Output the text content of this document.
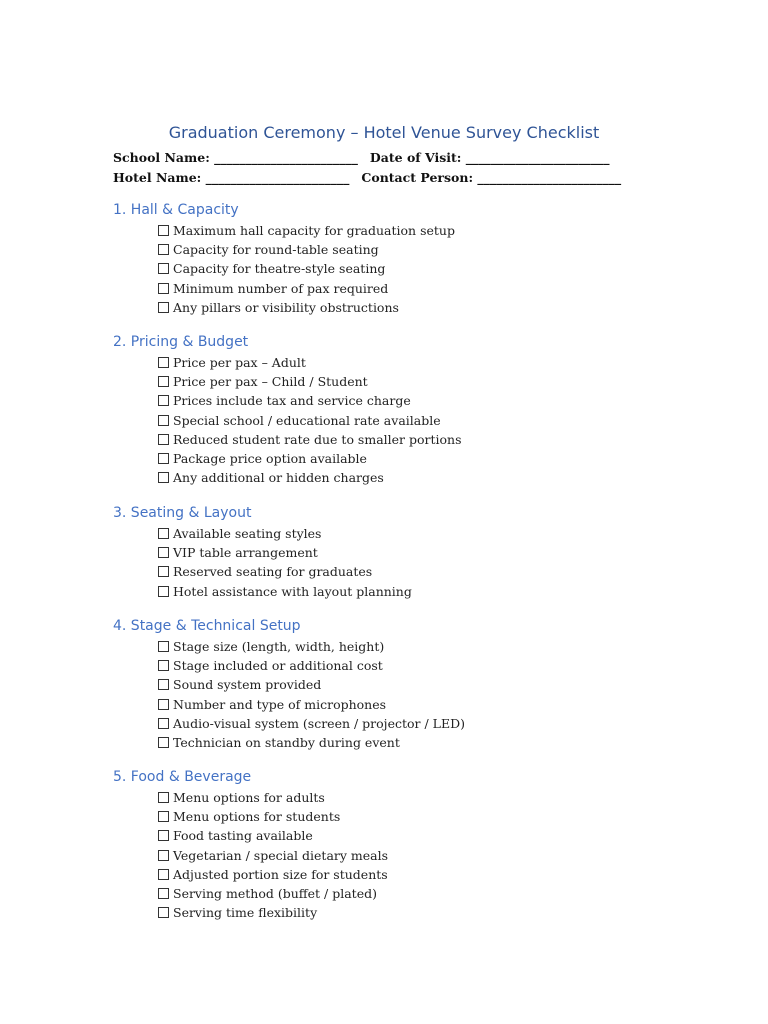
Graduation Ceremony – Hotel Venue Survey Checklist
School Name: _______________________ Date of Visit: _______________________
Hotel Name: _______________________ Contact Person: _______________________
1. Hall & Capacity
Maximum hall capacity for graduation setup
Capacity for round-table seating
Capacity for theatre-style seating
Minimum number of pax required
Any pillars or visibility obstructions
2. Pricing & Budget
Price per pax – Adult
Price per pax – Child / Student
Prices include tax and service charge
Special school / educational rate available
Reduced student rate due to smaller portions
Package price option available
Any additional or hidden charges
3. Seating & Layout
Available seating styles
VIP table arrangement
Reserved seating for graduates
Hotel assistance with layout planning
4. Stage & Technical Setup
Stage size (length, width, height)
Stage included or additional cost
Sound system provided
Number and type of microphones
Audio-visual system (screen / projector / LED)
Technician on standby during event
5. Food & Beverage
Menu options for adults
Menu options for students
Food tasting available
Vegetarian / special dietary meals
Adjusted portion size for students
Serving method (buffet / plated)
Serving time flexibility
